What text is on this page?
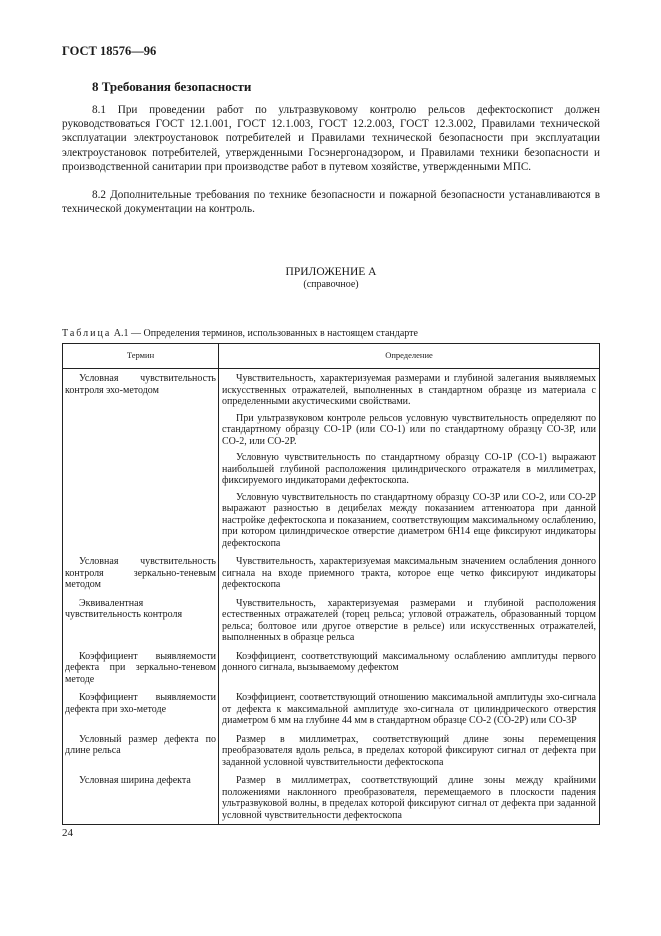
ГОСТ 18576—96
8 Требования безопасности
8.1 При проведении работ по ультразвуковому контролю рельсов дефектоскопист должен руководствоваться ГОСТ 12.1.001, ГОСТ 12.1.003, ГОСТ 12.2.003, ГОСТ 12.3.002, Правилами технической эксплуатации электроустановок потребителей и Правилами технической безопасности при эксплуатации электроустановок потребителей, утвержденными Госэнергонадзором, и Правилами техники безопасности и производственной санитарии при производстве работ в путевом хозяйстве, утвержденными МПС.
8.2 Дополнительные требования по технике безопасности и пожарной безопасности устанавливаются в технической документации на контроль.
ПРИЛОЖЕНИЕ А
(справочное)
Таблица А.1 — Определения терминов, использованных в настоящем стандарте
Термин	Определение

Условная чувствительность контроля эхо-методом	Чувствительность, характеризуемая размерами и глубиной залегания выявляемых искусственных отражателей, выполненных в стандартном образце из материала с определенными акустическими свойствами.

При ультразвуковом контроле рельсов условную чувствительность определяют по стандартному образцу СО-1Р (или СО-1) или по стандартному образцу СО-3Р, или СО-2, или СО-2Р.

Условную чувствительность по стандартному образцу СО-1Р (СО-1) выражают наибольшей глубиной расположения цилиндрического отражателя в миллиметрах, фиксируемого индикаторами дефектоскопа.

Условную чувствительность по стандартному образцу СО-3Р или СО-2, или СО-2Р выражают разностью в децибелах между показанием аттенюатора при данной настройке дефектоскопа и показанием, соответствующим максимальному ослаблению, при котором цилиндрическое отверстие диаметром 6Н14 еще фиксируют индикаторы дефектоскопа

Условная чувствительность контроля зеркально-теневым методом	Чувствительность, характеризуемая максимальным значением ослабления донного сигнала на входе приемного тракта, которое еще четко фиксируют индикаторы дефектоскопа

Эквивалентная чувствительность контроля	Чувствительность, характеризуемая размерами и глубиной расположения естественных отражателей (торец рельса; угловой отражатель, образованный торцом рельса; болтовое или другое отверстие в рельсе) или искусственных отражателей, выполненных в образце рельса

Коэффициент выявляемости дефекта при зеркально-теневом методе	Коэффициент, соответствующий максимальному ослаблению амплитуды первого донного сигнала, вызываемому дефектом

Коэффициент выявляемости дефекта при эхо-методе	Коэффициент, соответствующий отношению максимальной амплитуды эхо-сигнала от дефекта к максимальной амплитуде эхо-сигнала от цилиндрического отверстия диаметром 6 мм на глубине 44 мм в стандартном образце СО-2 (СО-2Р) или СО-3Р

Условный размер дефекта по длине рельса	Размер в миллиметрах, соответствующий длине зоны перемещения преобразователя вдоль рельса, в пределах которой фиксируют сигнал от дефекта при заданной условной чувствительности дефектоскопа

Условная ширина дефекта	Размер в миллиметрах, соответствующий длине зоны между крайними положениями наклонного преобразователя, перемещаемого в плоскости падения ультразвуковой волны, в пределах которой фиксируют сигнал от дефекта при заданной условной чувствительности дефектоскопа

24
